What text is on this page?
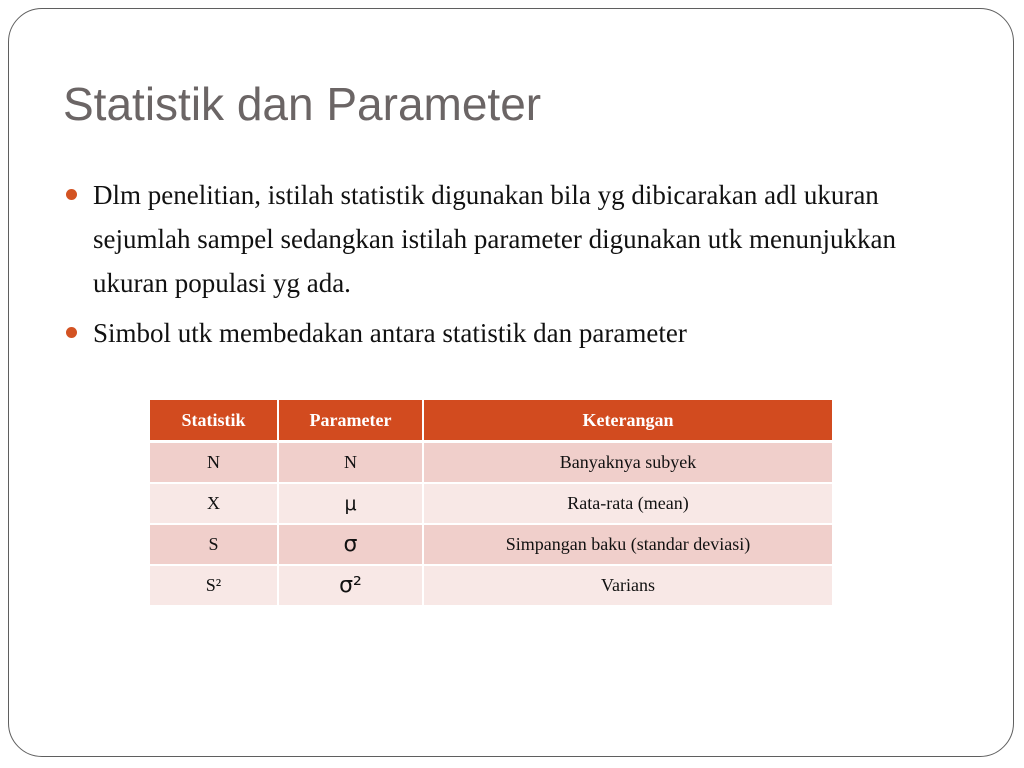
Statistik dan Parameter
Dlm penelitian, istilah statistik digunakan bila yg dibicarakan adl ukuran sejumlah sampel sedangkan istilah parameter digunakan utk menunjukkan ukuran populasi yg ada.
Simbol utk membedakan antara statistik dan parameter
Statistik	Parameter	Keterangan
N	N	Banyaknya subyek
X	μ	Rata-rata (mean)
S	σ	Simpangan baku (standar deviasi)
S²	σ²	Varians
